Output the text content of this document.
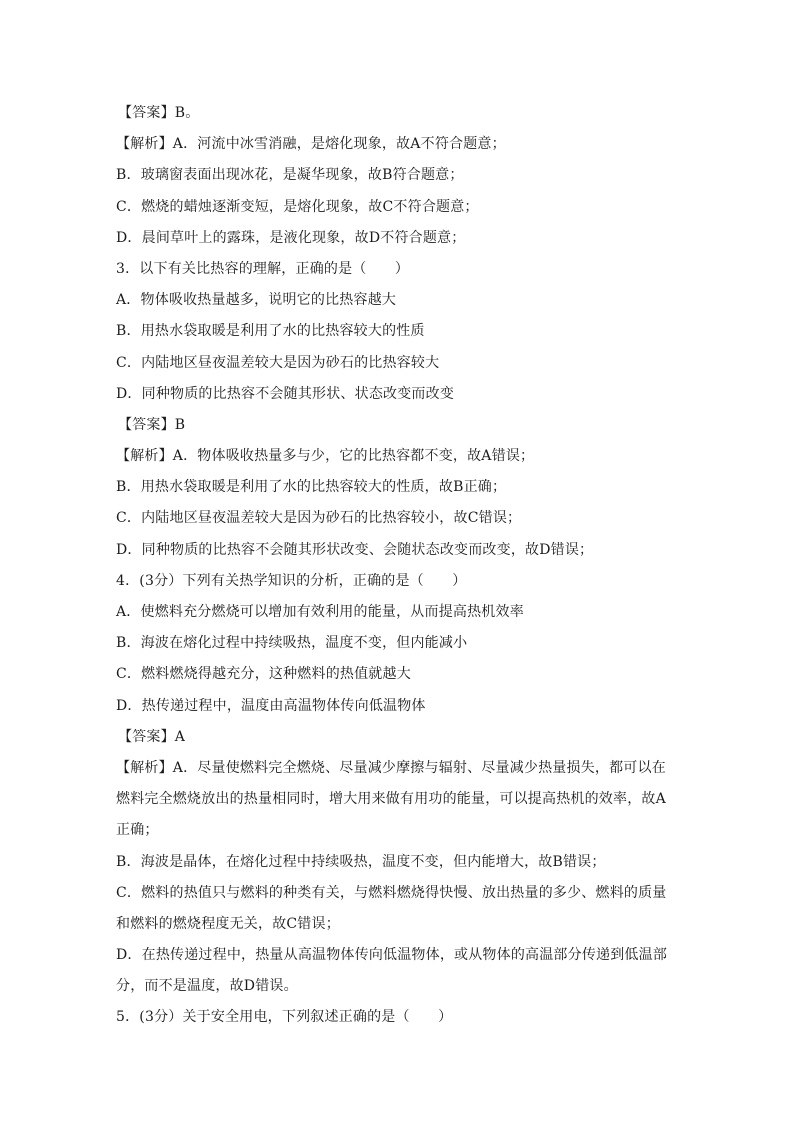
【答案】B。
【解析】A．河流中冰雪消融，是熔化现象，故A不符合题意；
B．玻璃窗表面出现冰花，是凝华现象，故B符合题意；
C．燃烧的蜡烛逐渐变短，是熔化现象，故C不符合题意；
D．晨间草叶上的露珠，是液化现象，故D不符合题意；
3．以下有关比热容的理解，正确的是（　　）
A．物体吸收热量越多，说明它的比热容越大
B．用热水袋取暖是利用了水的比热容较大的性质
C．内陆地区昼夜温差较大是因为砂石的比热容较大
D．同种物质的比热容不会随其形状、状态改变而改变
【答案】B
【解析】A．物体吸收热量多与少，它的比热容都不变，故A错误；
B．用热水袋取暖是利用了水的比热容较大的性质，故B正确；
C．内陆地区昼夜温差较大是因为砂石的比热容较小，故C错误；
D．同种物质的比热容不会随其形状改变、会随状态改变而改变，故D错误；
4．(3分）下列有关热学知识的分析，正确的是（　　）
A．使燃料充分燃烧可以增加有效利用的能量，从而提高热机效率
B．海波在熔化过程中持续吸热，温度不变，但内能减小
C．燃料燃烧得越充分，这种燃料的热值就越大
D．热传递过程中，温度由高温物体传向低温物体
【答案】A
【解析】A．尽量使燃料完全燃烧、尽量减少摩擦与辐射、尽量减少热量损失，都可以在
燃料完全燃烧放出的热量相同时，增大用来做有用功的能量，可以提高热机的效率，故A
正确；
B．海波是晶体，在熔化过程中持续吸热，温度不变，但内能增大，故B错误；
C．燃料的热值只与燃料的种类有关，与燃料燃烧得快慢、放出热量的多少、燃料的质量
和燃料的燃烧程度无关，故C错误；
D．在热传递过程中，热量从高温物体传向低温物体，或从物体的高温部分传递到低温部
分，而不是温度，故D错误。
5．(3分）关于安全用电，下列叙述正确的是（　　）
